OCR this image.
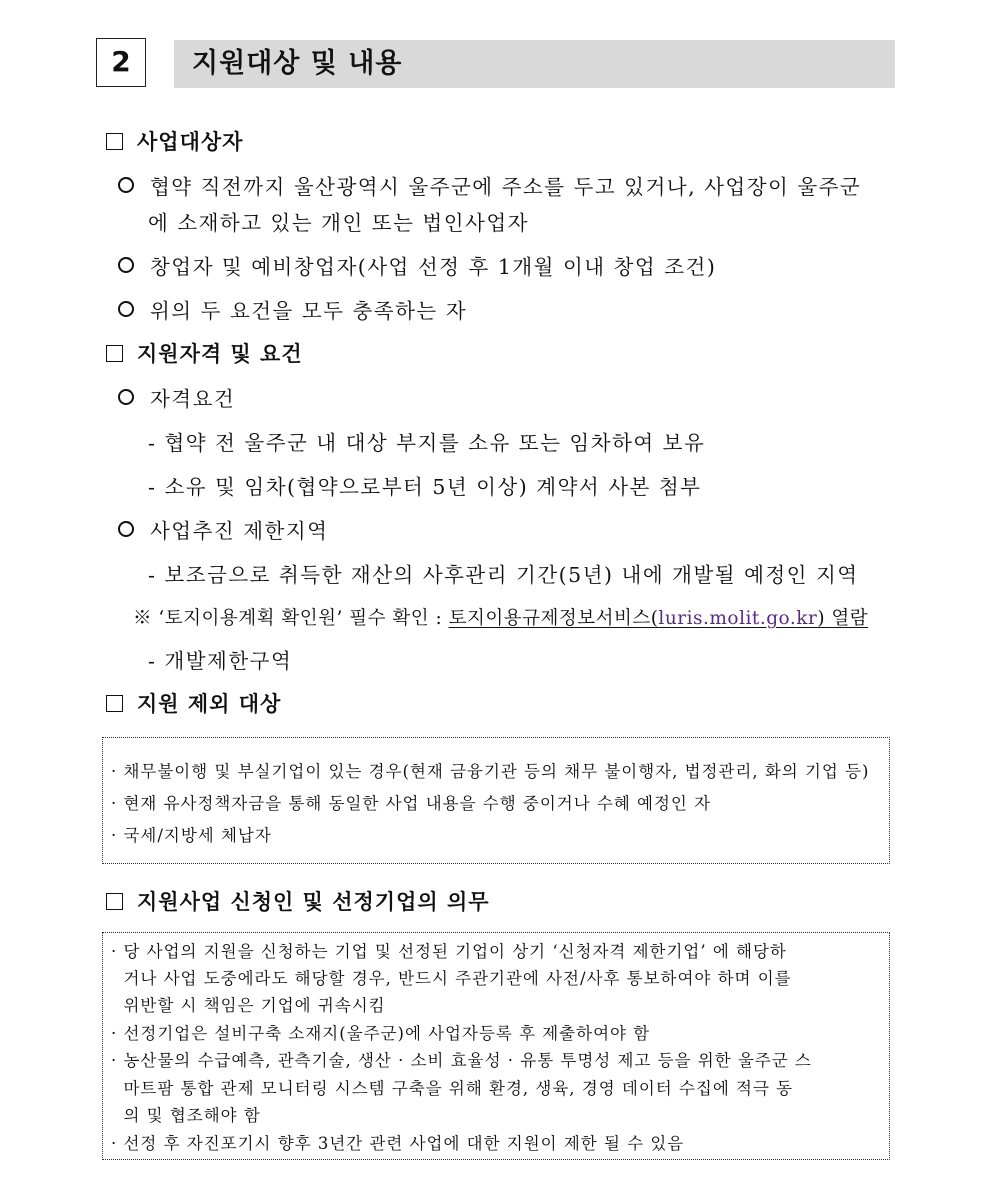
2	지원대상 및 내용
사업대상자
협약 직전까지 울산광역시 울주군에 주소를 두고 있거나, 사업장이 울주군
에 소재하고 있는 개인 또는 법인사업자
창업자 및 예비창업자(사업 선정 후 1개월 이내 창업 조건)
위의 두 요건을 모두 충족하는 자
지원자격 및 요건
자격요건
- 협약 전 울주군 내 대상 부지를 소유 또는 임차하여 보유
- 소유 및 임차(협약으로부터 5년 이상) 계약서 사본 첨부
사업추진 제한지역
- 보조금으로 취득한 재산의 사후관리 기간(5년) 내에 개발될 예정인 지역
※ ‘토지이용계획 확인원’ 필수 확인 : 토지이용규제정보서비스(luris.molit.go.kr) 열람
- 개발제한구역
지원 제외 대상
· 채무불이행 및 부실기업이 있는 경우(현재 금융기관 등의 채무 불이행자, 법정관리, 화의 기업 등)
· 현재 유사정책자금을 통해 동일한 사업 내용을 수행 중이거나 수혜 예정인 자
· 국세/지방세 체납자
지원사업 신청인 및 선정기업의 의무
· 당 사업의 지원을 신청하는 기업 및 선정된 기업이 상기 ‘신청자격 제한기업’ 에 해당하
거나 사업 도중에라도 해당할 경우, 반드시 주관기관에 사전/사후 통보하여야 하며 이를
위반할 시 책임은 기업에 귀속시킴
· 선정기업은 설비구축 소재지(울주군)에 사업자등록 후 제출하여야 함
· 농산물의 수급예측, 관측기술, 생산 · 소비 효율성 · 유통 투명성 제고 등을 위한 울주군 스
마트팜 통합 관제 모니터링 시스템 구축을 위해 환경, 생육, 경영 데이터 수집에 적극 동
의 및 협조해야 함
· 선정 후 자진포기시 향후 3년간 관련 사업에 대한 지원이 제한 될 수 있음
